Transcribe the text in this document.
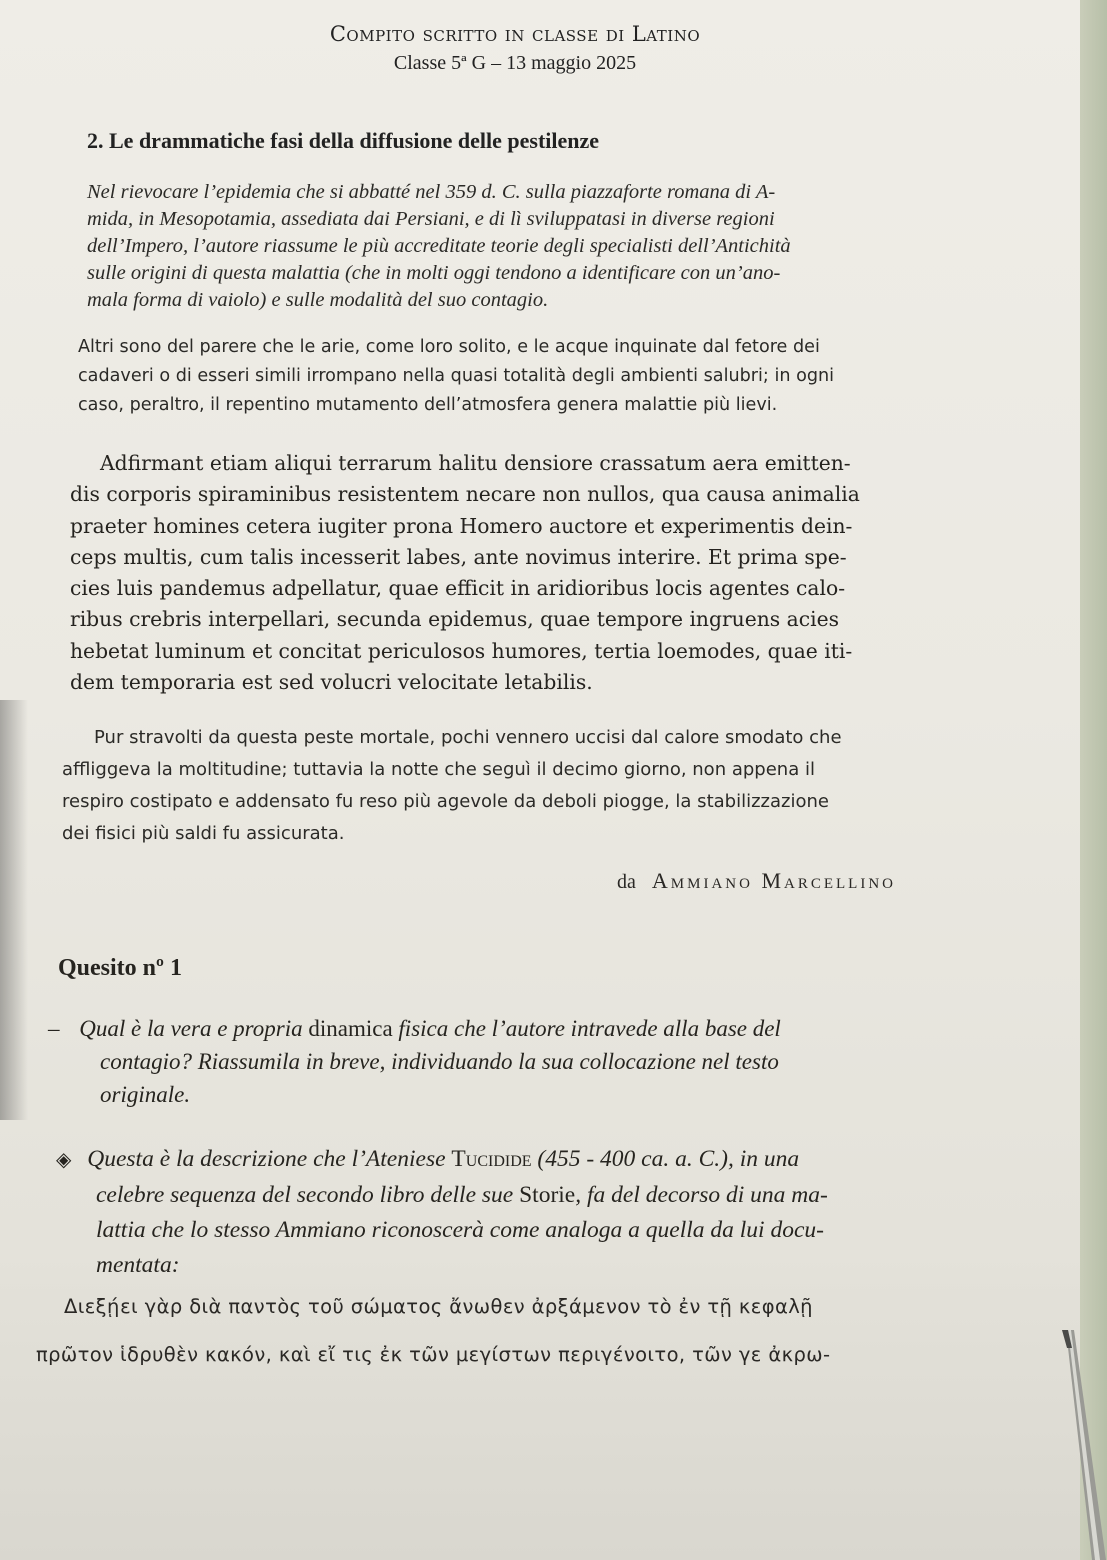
Compito scritto in classe di Latino
Classe 5ª G – 13 maggio 2025
2. Le drammatiche fasi della diffusione delle pestilenze
Nel rievocare l’epidemia che si abbatté nel 359 d. C. sulla piazzaforte romana di A-
mida, in Mesopotamia, assediata dai Persiani, e di lì sviluppatasi in diverse regioni
dell’Impero, l’autore riassume le più accreditate teorie degli specialisti dell’Antichità
sulle origini di questa malattia (che in molti oggi tendono a identificare con un’ano-
mala forma di vaiolo) e sulle modalità del suo contagio.
Altri sono del parere che le arie, come loro solito, e le acque inquinate dal fetore dei
cadaveri o di esseri simili irrompano nella quasi totalità degli ambienti salubri; in ogni
caso, peraltro, il repentino mutamento dell’atmosfera genera malattie più lievi.
Adfirmant etiam aliqui terrarum halitu densiore crassatum aera emitten-
dis corporis spiraminibus resistentem necare non nullos, qua causa animalia
praeter homines cetera iugiter prona Homero auctore et experimentis dein-
ceps multis, cum talis incesserit labes, ante novimus interire. Et prima spe-
cies luis pandemus adpellatur, quae efficit in aridioribus locis agentes calo-
ribus crebris interpellari, secunda epidemus, quae tempore ingruens acies
hebetat luminum et concitat periculosos humores, tertia loemodes, quae iti-
dem temporaria est sed volucri velocitate letabilis.
Pur stravolti da questa peste mortale, pochi vennero uccisi dal calore smodato che
affliggeva la moltitudine; tuttavia la notte che seguì il decimo giorno, non appena il
respiro costipato e addensato fu reso più agevole da deboli piogge, la stabilizzazione
dei fisici più saldi fu assicurata.
da Ammiano Marcellino
Quesito nº 1
– Qual è la vera e propria dinamica fisica che l’autore intravede alla base del
contagio? Riassumila in breve, individuando la sua collocazione nel testo
originale.
◈ Questa è la descrizione che l’Ateniese Tucidide (455 - 400 ca. a. C.), in una
celebre sequenza del secondo libro delle sue Storie, fa del decorso di una ma-
lattia che lo stesso Ammiano riconoscerà come analoga a quella da lui docu-
mentata:
Διεξῄει γὰρ διὰ παντὸς τοῦ σώματος ἄνωθεν ἀρξάμενον τὸ ἐν τῇ κεφαλῇ
πρῶτον ἱδρυθὲν κακόν, καὶ εἴ τις ἐκ τῶν μεγίστων περιγένοιτο, τῶν γε ἀκρω-
